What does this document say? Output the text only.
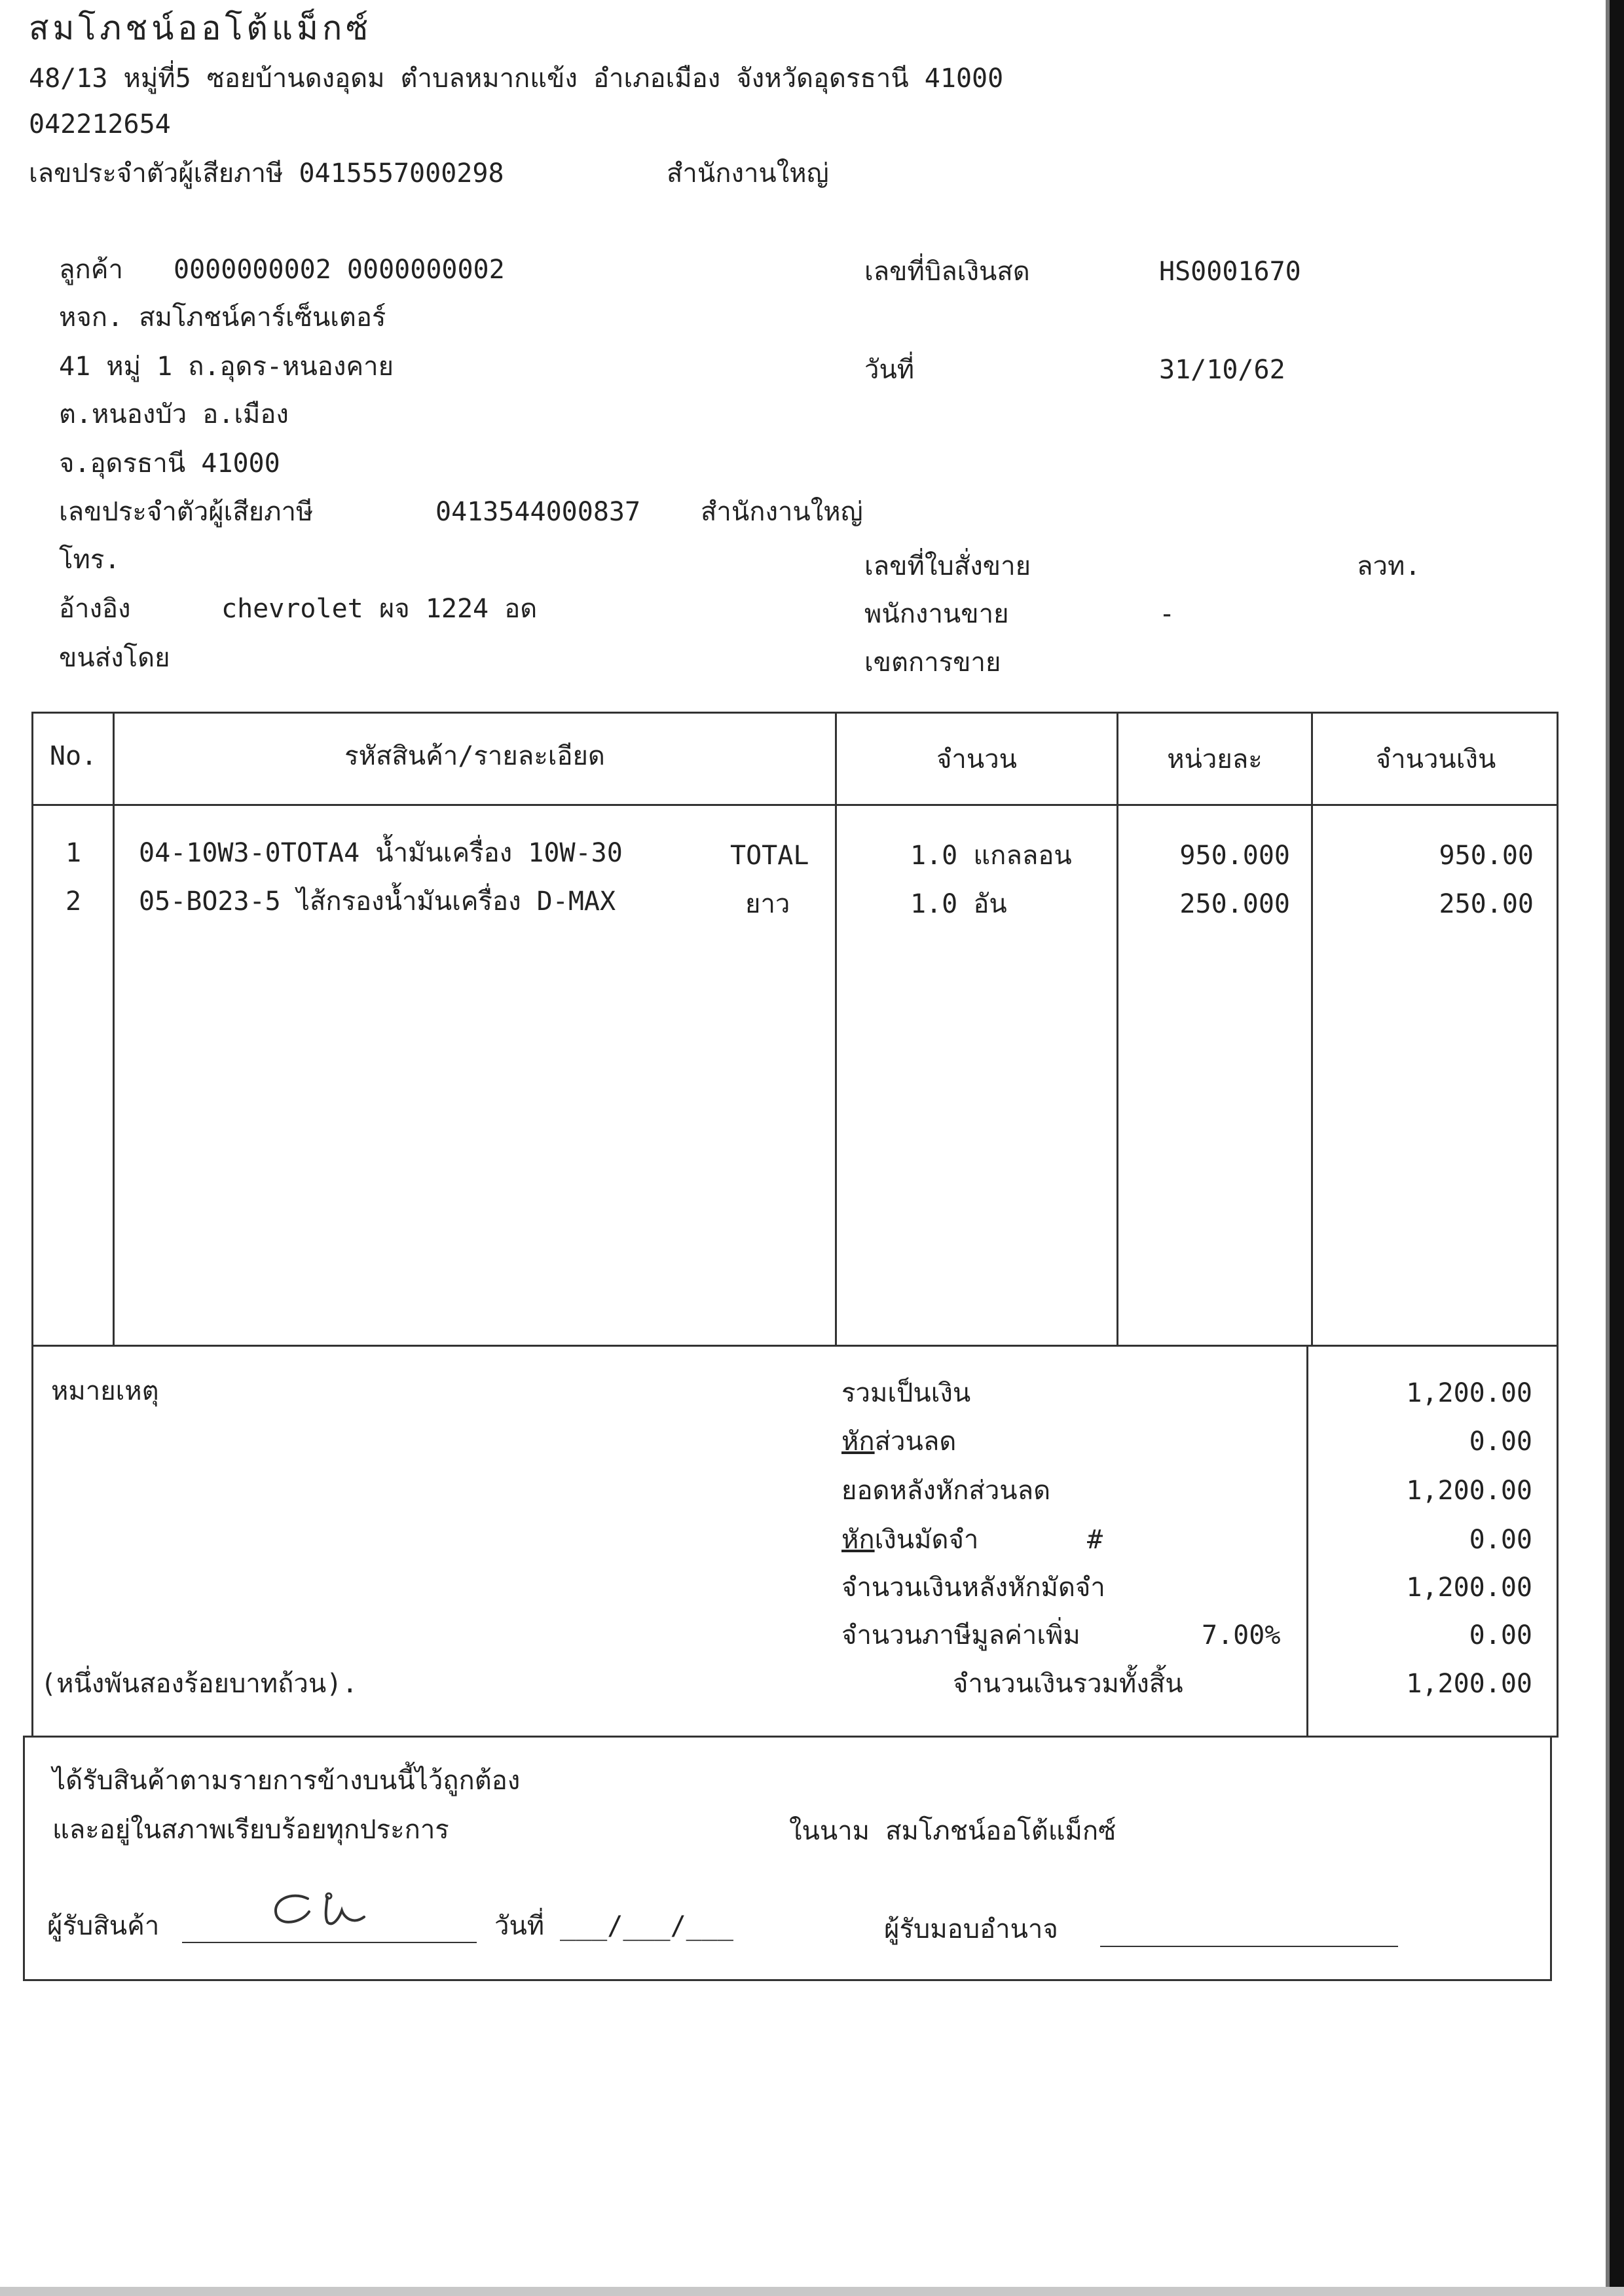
สมโภชน์ออโต้แม็กซ์
48/13 หมู่ที่5 ซอยบ้านดงอุดม ตำบลหมากแข้ง อำเภอเมือง จังหวัดอุดรธานี 41000
042212654
เลขประจำตัวผู้เสียภาษี 0415557000298	สำนักงานใหญ่
ลูกค้า 0000000002 0000000002
หจก. สมโภชน์คาร์เซ็นเตอร์
41 หมู่ 1 ถ.อุดร-หนองคาย
ต.หนองบัว อ.เมือง
จ.อุดรธานี 41000
เลขประจำตัวผู้เสียภาษี	0413544000837 สำนักงานใหญ่
โทร.
อ้างอิง	chevrolet ผจ 1224 อด
ขนส่งโดย
เลขที่บิลเงินสด	HS0001670
วันที่	31/10/62
เลขที่ใบสั่งขาย	ลวท.
พนักงานขาย	-
เขตการขาย
No.	รหัสสินค้า/รายละเอียด	จำนวน	หน่วยละ	จำนวนเงิน
1	04-10W3-0TOTA4 น้ำมันเครื่อง 10W-30	TOTAL	1.0 แกลลอน	950.000	950.00
2	05-BO23-5 ไส้กรองน้ำมันเครื่อง D-MAX	ยาว	1.0 อัน	250.000	250.00
หมายเหตุ
(หนึ่งพันสองร้อยบาทถ้วน).
รวมเป็นเงิน	1,200.00
หักส่วนลด	0.00
ยอดหลังหักส่วนลด	1,200.00
หักเงินมัดจำ	#	0.00
จำนวนเงินหลังหักมัดจำ	1,200.00
จำนวนภาษีมูลค่าเพิ่ม	7.00%	0.00
จำนวนเงินรวมทั้งสิ้น	1,200.00
ได้รับสินค้าตามรายการข้างบนนี้ไว้ถูกต้อง
และอยู่ในสภาพเรียบร้อยทุกประการ	ในนาม สมโภชน์ออโต้แม็กซ์
ผู้รับสินค้า	วันที่ ___/___/___	ผู้รับมอบอำนาจ
